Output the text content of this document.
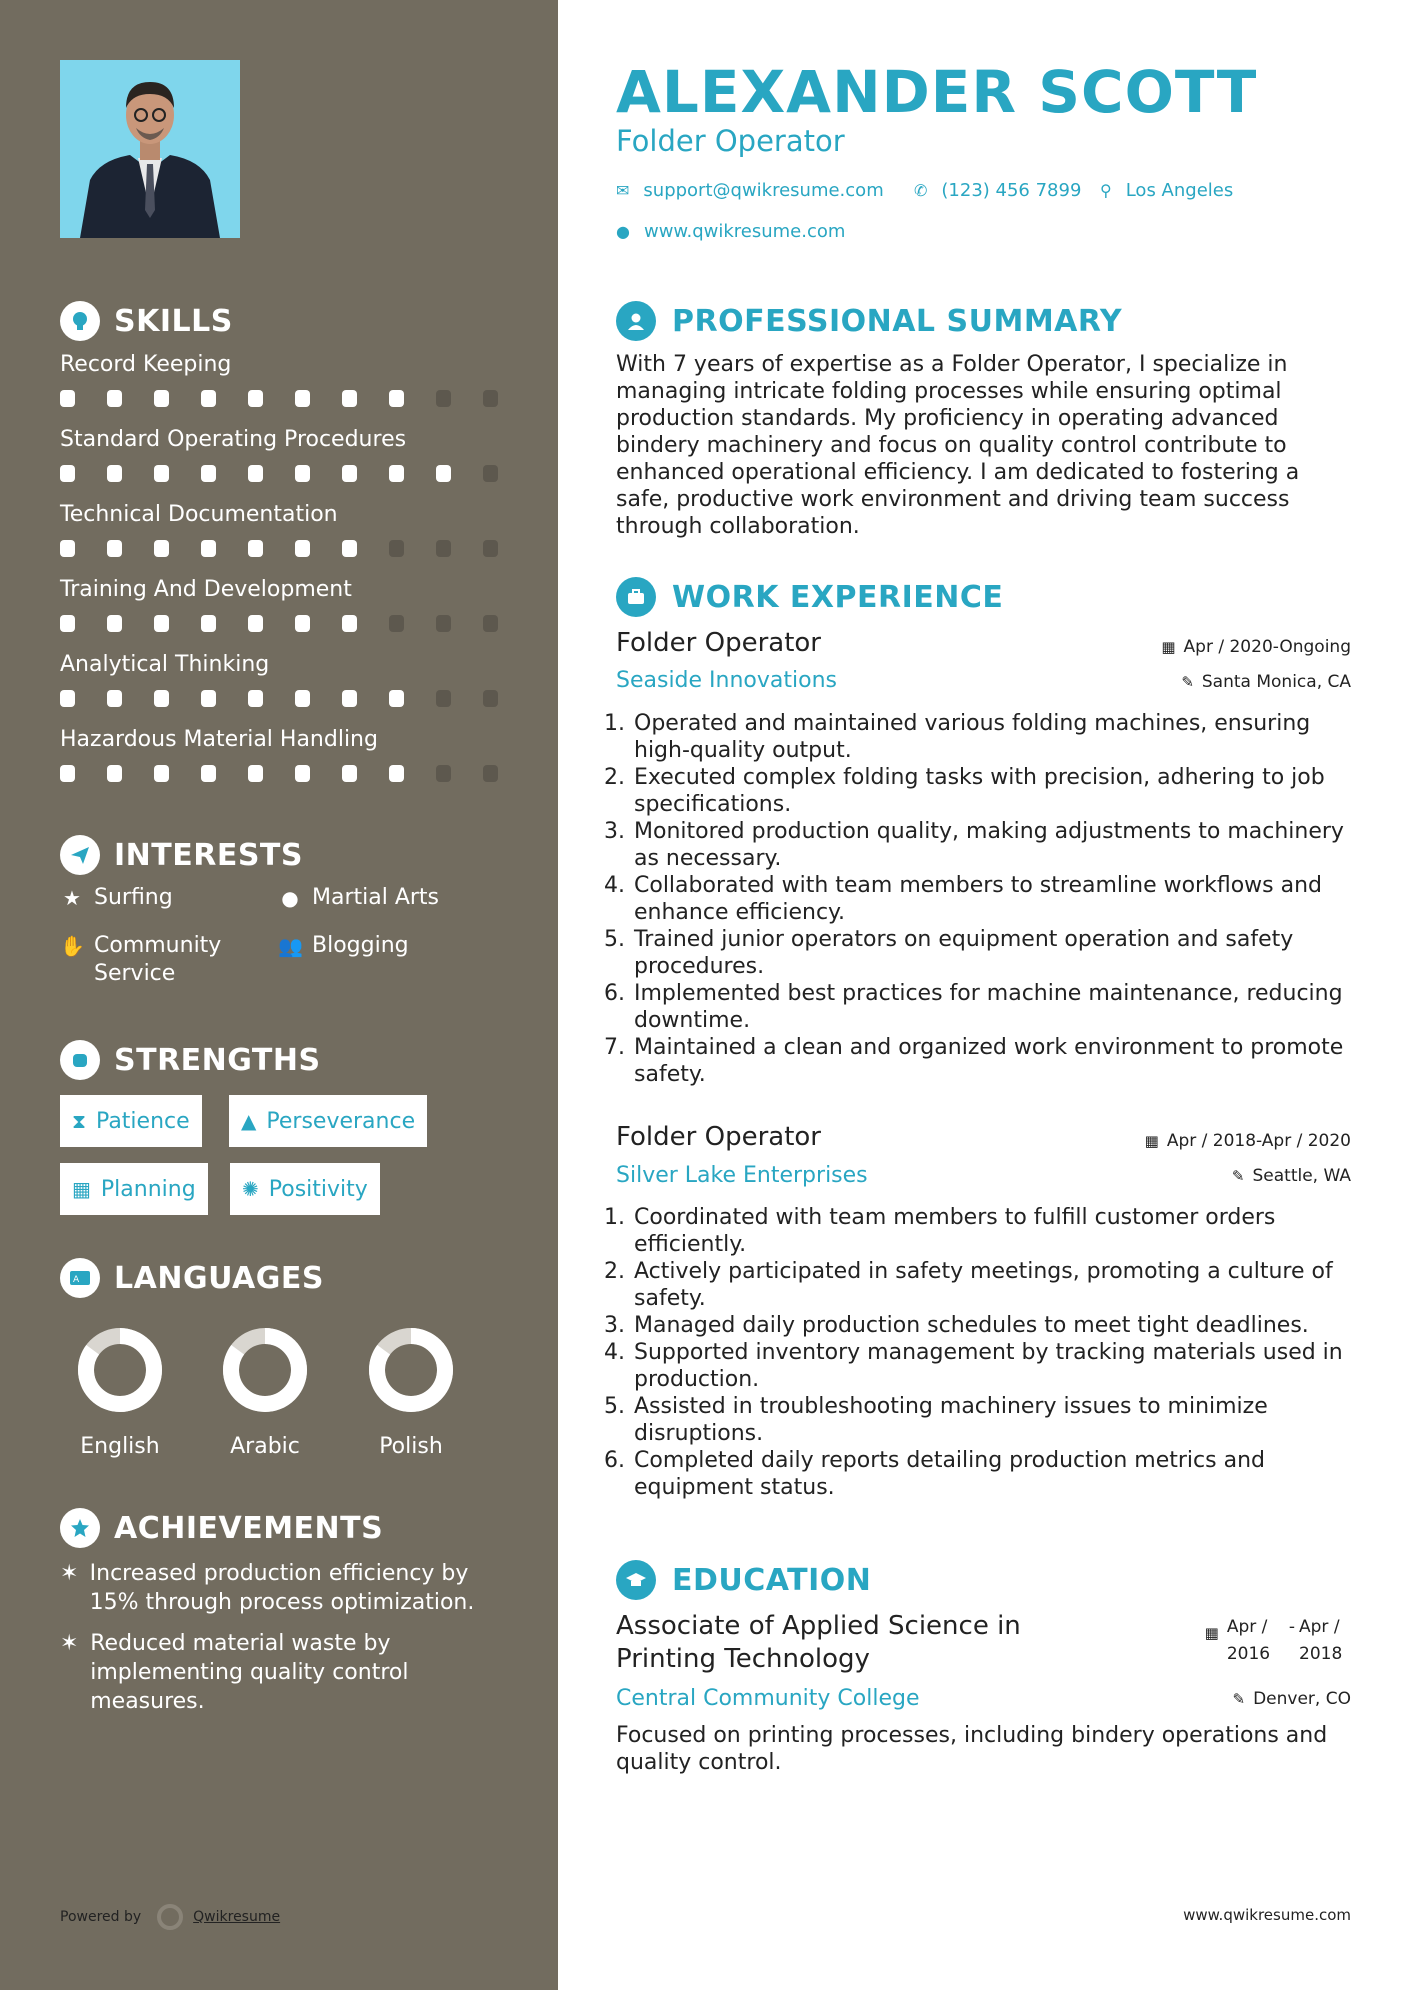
SKILLS
INTERESTS
★ Surfing	● Martial Arts
✋ Community Service
👥 Blogging
STRENGTHS
⧗ Patience	▲ Perseverance
▦ Planning ✺ Positivity
A LANGUAGES
ACHIEVEMENTS
✶ Increased production efficiency by 15% through process optimization.
✶ Reduced material waste by implementing quality control measures.
Powered by	Qwikresume
Record Keeping
Standard Operating Procedures
Technical Documentation
Training And Development
Analytical Thinking
Hazardous Material Handling
English	Arabic	Polish
ALEXANDER SCOTT
Folder Operator
✉ support@qwikresume.com ✆ (123) 456 7899 ⚲ Los Angeles
● www.qwikresume.com
PROFESSIONAL SUMMARY
With 7 years of expertise as a Folder Operator, I specialize in managing intricate folding processes while ensuring optimal production standards. My proficiency in operating advanced bindery machinery and focus on quality control contribute to enhanced operational efficiency. I am dedicated to fostering a safe, productive work environment and driving team success through collaboration.
WORK EXPERIENCE
Folder Operator	▦ Apr / 2020-Ongoing
Seaside Innovations	✎ Santa Monica, CA
1. Operated and maintained various folding machines, ensuring high-quality output.
2. Executed complex folding tasks with precision, adhering to job specifications.
3. Monitored production quality, making adjustments to machinery as necessary.
4. Collaborated with team members to streamline workflows and enhance efficiency.
5. Trained junior operators on equipment operation and safety procedures.
6. Implemented best practices for machine maintenance, reducing downtime.
7. Maintained a clean and organized work environment to promote safety.
Folder Operator	▦ Apr / 2018-Apr / 2020
Silver Lake Enterprises	✎ Seattle, WA
1. Coordinated with team members to fulfill customer orders efficiently.
2. Actively participated in safety meetings, promoting a culture of safety.
3. Managed daily production schedules to meet tight deadlines.
4. Supported inventory management by tracking materials used in production.
5. Assisted in troubleshooting machinery issues to minimize disruptions.
6. Completed daily reports detailing production metrics and equipment status.
EDUCATION
Associate of Applied Science in Printing Technology
▦ Apr / 2016
- Apr / 2018
Central Community College	✎ Denver, CO
Focused on printing processes, including bindery operations and quality control.
www.qwikresume.com
